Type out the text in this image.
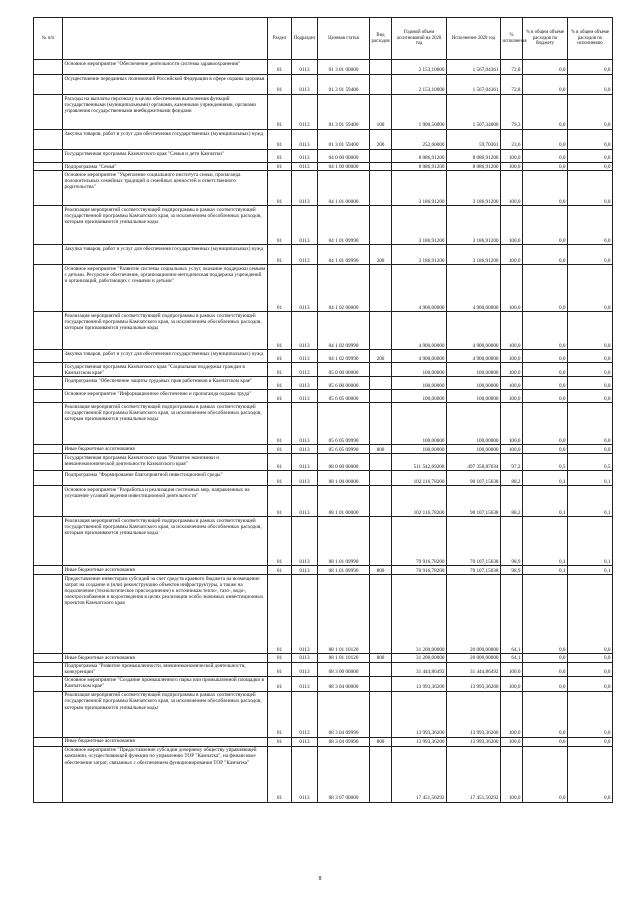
№ п/п		Раздел	Подраздел	Целевая статья	Вид расходов	Годовой объем ассигнований на 2020 год	Исполнение 2020 год	% исполнения	% в общем объеме расходов по бюджету	% в общем объеме расходов по исполнению
	Основное мероприятие "Обеспечение деятельности системы здравоохранения"	01	0113	01 3 01 00000		2 153,10000	1 567,04361	72,8	0,0	0,0
	Осуществление переданных полномочий Российской Федерации в сфере охраны здоровья	01	0113	01 3 01 59400		2 153,10000	1 567,04361	72,8	0,0	0,0
	Расходы на выплаты персоналу в целях обеспечения выполнения функций государственными (муниципальными) органами, казенными учреждениями, органами управления государственными внебюджетными фондами	01	0113	01 3 01 59400	100	1 900,50000	1 507,34000	79,3	0,0	0,0
	Закупка товаров, работ и услуг для обеспечения государственных (муниципальных) нужд	01	0113	01 3 01 59400	200	252,60000	59,70361	23,6	0,0	0,0
	Государственная программа Камчатского края "Семья и дети Камчатки"	01	0113	04 0 00 00000		8 086,91200	8 086,91200	100,0	0,0	0,0
	Подпрограмма "Семья"	01	0113	04 1 00 00000		8 086,91200	8 086,91200	100,0	0,0	0,0
	Основное мероприятие "Укрепление социального института семьи, пропаганда положительных семейных традиций и семейных ценностей и ответственного родительства"	01	0113	04 1 01 00000		3 186,91200	3 186,91200	100,0	0,0	0,0
	Реализация мероприятий соответствующей подпрограммы в рамках соответствующей государственной программы Камчатского края, за исключением обособленных расходов, которым присваиваются уникальные коды	01	0113	04 1 01 09990		3 186,91200	3 186,91200	100,0	0,0	0,0
	Закупка товаров, работ и услуг для обеспечения государственных (муниципальных) нужд	01	0113	04 1 01 09990	200	3 186,91200	3 186,91200	100,0	0,0	0,0
	Основное мероприятие "Развитие системы социальных услуг, оказание поддержки семьям с детьми. Ресурсное обеспечение, организационно-методическая поддержка учреждений и организаций, работающих с семьями и детьми"	01	0113	04 1 02 00000		4 900,00000	4 900,00000	100,0	0,0	0,0
	Реализация мероприятий соответствующей подпрограммы в рамках соответствующей государственной программы Камчатского края, за исключением обособленных расходов, которым присваиваются уникальные коды	01	0113	04 1 02 09990		4 900,00000	4 900,00000	100,0	0,0	0,0
	Закупка товаров, работ и услуг для обеспечения государственных (муниципальных) нужд	01	0113	04 1 02 09990	200	4 900,00000	4 900,00000	100,0	0,0	0,0
	Государственная программа Камчатского края "Социальная поддержка граждан в Камчатском крае"	01	0113	05 0 00 00000		100,00000	100,00000	100,0	0,0	0,0
	Подпрограмма "Обеспечение защиты трудовых прав работников в Камчатском крае"	01	0113	05 6 00 00000		100,00000	100,00000	100,0	0,0	0,0
	Основное мероприятие "Информационное обеспечение и пропаганда охраны труда"	01	0113	05 6 05 00000		100,00000	100,00000	100,0	0,0	0,0
	Реализация мероприятий соответствующей подпрограммы в рамках соответствующей государственной программы Камчатского края, за исключением обособленных расходов, которым присваиваются уникальные коды	01	0113	05 6 05 09990		100,00000	100,00000	100,0	0,0	0,0
	Иные бюджетные ассигнования	01	0113	05 6 05 09990	800	100,00000	100,00000	100,0	0,0	0,0
	Государственная программа Камчатского края "Развитие экономики и внешнеэкономической деятельности Камчатского края"	01	0113	08 0 00 00000		511 542,69208	497 358,87634	97,2	0,5	0,5
	Подпрограмма "Формирование благоприятной инвестиционной среды"	01	0113	08 1 00 00000		102 116,78200	90 107,15638	88,2	0,1	0,1
	Основное мероприятие "Разработка и реализация системных мер, направленных на улучшение условий ведения инвестиционной деятельности"	01	0113	08 1 01 00000		102 116,78200	90 107,15638	88,2	0,1	0,1
	Реализация мероприятий соответствующей подпрограммы в рамках соответствующей государственной программы Камчатского края, за исключением обособленных расходов, которым присваиваются уникальные коды	01	0113	08 1 01 09990		70 916,78200	70 107,15638	98,9	0,1	0,1
	Иные бюджетные ассигнования	01	0113	08 1 01 09990	800	70 916,78200	70 107,15638	98,9	0,1	0,1
	Предоставление инвесторам субсидий за счет средств краевого бюджета на возмещение затрат на создание и (или) реконструкцию объектов инфраструктуры, а также на подключение (технологическое присоединение) к источникам тепло-, газо-, водо-, электроснабжения и водоотведения в целях реализации особо значимых инвестиционных проектов Камчатского края	01	0113	08 1 01 10120		31 200,00000	20 000,00000	64,1	0,0	0,0
	Иные бюджетные ассигнования	01	0113	08 1 01 10120	800	31 200,00000	20 000,00000	64,1	0,0	0,0
	Подпрограмма "Развитие промышленности, внешнеэкономической деятельности, конкуренции"	01	0113	08 3 00 00000		31 444,86492	31 444,86492	100,0	0,0	0,0
	Основное мероприятие "Создание промышленного парка или промышленной площадки в Камчатском крае"	01	0113	08 3 04 00000		13 993,36200	13 993,36200	100,0	0,0	0,0
	Реализация мероприятий соответствующей подпрограммы в рамках соответствующей государственной программы Камчатского края, за исключением обособленных расходов, которым присваиваются уникальные коды	01	0113	08 3 04 09990		13 993,36200	13 993,36200	100,0	0,0	0,0
	Иные бюджетные ассигнования	01	0113	08 3 04 09990	800	13 993,36200	13 993,36200	100,0	0,0	0,0
	Основное мероприятие "Предоставление субсидии дочернему обществу управляющей компании, осуществляющей функции по управлению ТОР "Камчатка", на финансовое обеспечение затрат, связанных с обеспечением функционирования ТОР "Камчатка"	01	0113	08 3 07 00000		17 451,50292	17 451,50292	100,0	0,0	0,0
8
